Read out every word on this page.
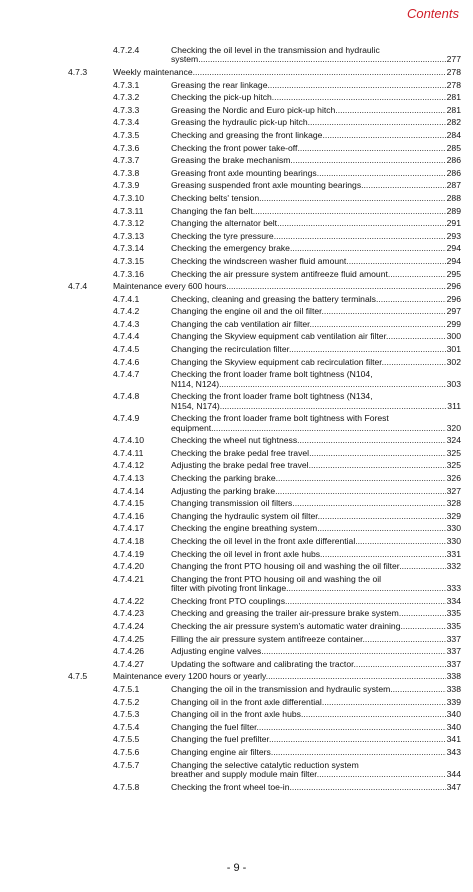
Contents
4.7.2.4	Checking the oil level in the transmission and hydraulic
system .....	277
4.7.3	Weekly maintenance .....	278
4.7.3.1	Greasing the rear linkage .....	278
4.7.3.2	Checking the pick-up hitch .....	281
4.7.3.3	Greasing the Nordic and Euro pick-up hitch .....	281
4.7.3.4	Greasing the hydraulic pick-up hitch .....	282
4.7.3.5	Checking and greasing the front linkage .....	284
4.7.3.6	Checking the front power take-off .....	285
4.7.3.7	Greasing the brake mechanism .....	286
4.7.3.8	Greasing front axle mounting bearings .....	286
4.7.3.9	Greasing suspended front axle mounting bearings .....	287
4.7.3.10	Checking belts' tension .....	288
4.7.3.11	Changing the fan belt .....	289
4.7.3.12	Changing the alternator belt .....	291
4.7.3.13	Checking the tyre pressure .....	293
4.7.3.14	Checking the emergency brake .....	294
4.7.3.15	Checking the windscreen washer fluid amount .....	294
4.7.3.16	Checking the air pressure system antifreeze fluid amount .....	295
4.7.4	Maintenance every 600 hours .....	296
4.7.4.1	Checking, cleaning and greasing the battery terminals .....	296
4.7.4.2	Changing the engine oil and the oil filter .....	297
4.7.4.3	Changing the cab ventilation air filter .....	299
4.7.4.4	Changing the Skyview equipment cab ventilation air filter .....	300
4.7.4.5	Changing the recirculation filter .....	301
4.7.4.6	Changing the Skyview equipment cab recirculation filter .....	302
4.7.4.7	Checking the front loader frame bolt tightness (N104,
N114, N124) .....	303
4.7.4.8	Checking the front loader frame bolt tightness (N134,
N154, N174) .....	311
4.7.4.9	Checking the front loader frame bolt tightness with Forest
equipment .....	320
4.7.4.10	Checking the wheel nut tightness .....	324
4.7.4.11	Checking the brake pedal free travel .....	325
4.7.4.12	Adjusting the brake pedal free travel .....	325
4.7.4.13	Checking the parking brake .....	326
4.7.4.14	Adjusting the parking brake .....	327
4.7.4.15	Changing transmission oil filters .....	328
4.7.4.16	Changing the hydraulic system oil filter .....	329
4.7.4.17	Checking the engine breathing system .....	330
4.7.4.18	Checking the oil level in the front axle differential .....	330
4.7.4.19	Checking the oil level in front axle hubs .....	331
4.7.4.20	Changing the front PTO housing oil and washing the oil filter .....	332
4.7.4.21	Changing the front PTO housing oil and washing the oil
filter with pivoting front linkage .....	333
4.7.4.22	Checking front PTO couplings .....	334
4.7.4.23	Checking and greasing the trailer air-pressure brake system .....	335
4.7.4.24	Checking the air pressure system's automatic water draining .....	335
4.7.4.25	Filling the air pressure system antifreeze container .....	337
4.7.4.26	Adjusting engine valves .....	337
4.7.4.27	Updating the software and calibrating the tractor .....	337
4.7.5	Maintenance every 1200 hours or yearly .....	338
4.7.5.1	Changing the oil in the transmission and hydraulic system .....	338
4.7.5.2	Changing oil in the front axle differential .....	339
4.7.5.3	Changing oil in the front axle hubs .....	340
4.7.5.4	Changing the fuel filter .....	340
4.7.5.5	Changing the fuel prefilter .....	341
4.7.5.6	Changing engine air filters .....	343
4.7.5.7	Changing the selective catalytic reduction system
breather and supply module main filter .....	344
4.7.5.8	Checking the front wheel toe-in .....	347
- 9 -
